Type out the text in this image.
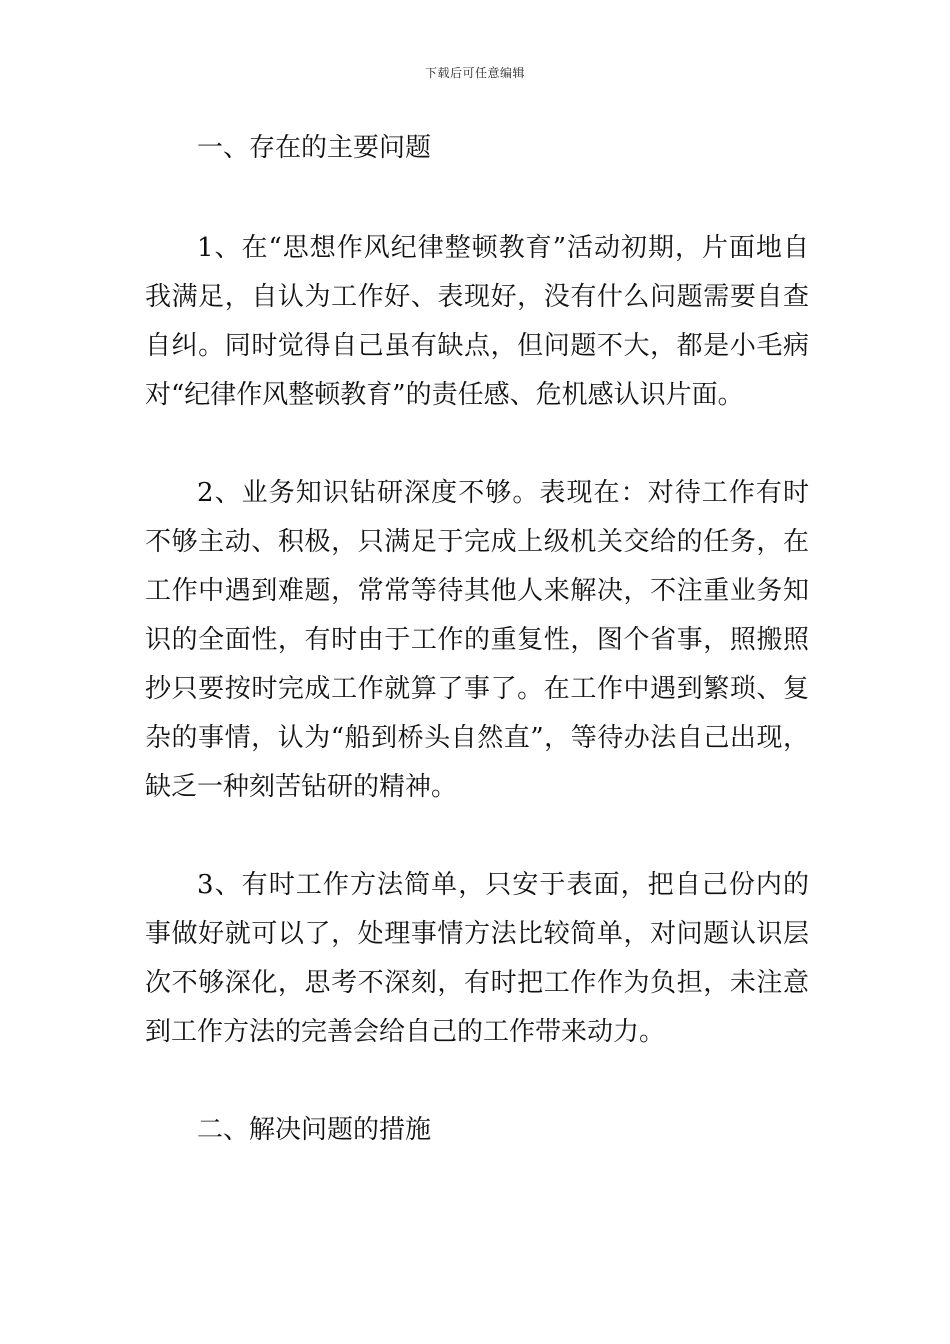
下载后可任意编辑

一、存在的主要问题

1、在“思想作风纪律整顿教育”活动初期，片面地自我满足，自认为工作好、表现好，没有什么问题需要自查自纠。同时觉得自己虽有缺点，但问题不大，都是小毛病对“纪律作风整顿教育”的责任感、危机感认识片面。

2、业务知识钻研深度不够。表现在：对待工作有时不够主动、积极，只满足于完成上级机关交给的任务，在工作中遇到难题，常常等待其他人来解决，不注重业务知识的全面性，有时由于工作的重复性，图个省事，照搬照抄只要按时完成工作就算了事了。在工作中遇到繁琐、复杂的事情，认为“船到桥头自然直”，等待办法自己出现，缺乏一种刻苦钻研的精神。

3、有时工作方法简单，只安于表面，把自己份内的事做好就可以了，处理事情方法比较简单，对问题认识层次不够深化，思考不深刻，有时把工作作为负担，未注意到工作方法的完善会给自己的工作带来动力。

二、解决问题的措施
